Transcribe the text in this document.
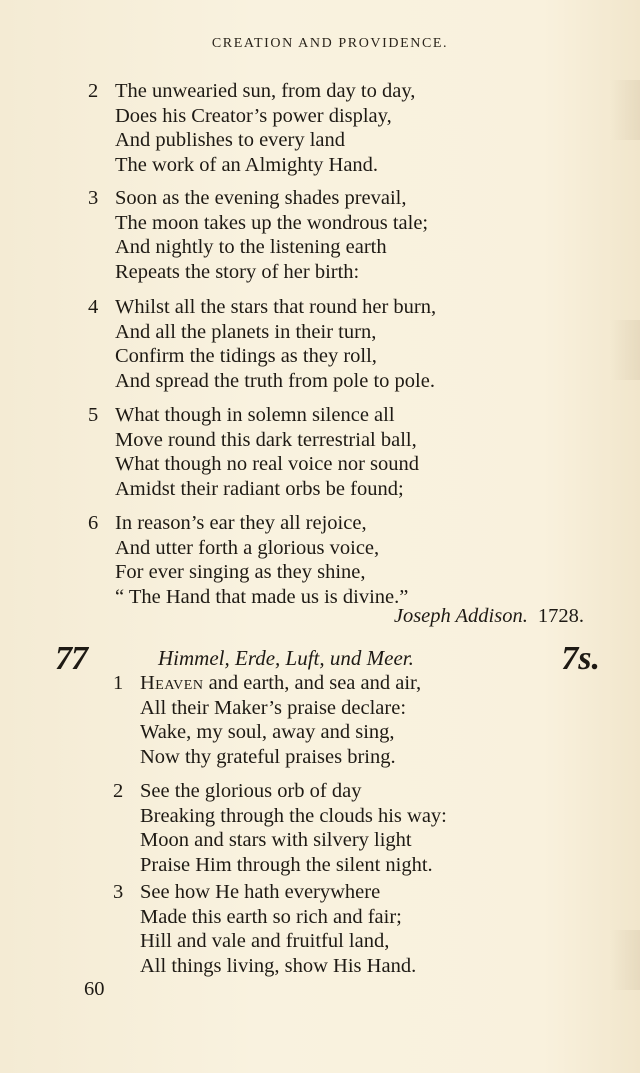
CREATION AND PROVIDENCE.
2 The unwearied sun, from day to day,
Does his Creator’s power display,
And publishes to every land
The work of an Almighty Hand.
3 Soon as the evening shades prevail,
The moon takes up the wondrous tale;
And nightly to the listening earth
Repeats the story of her birth:
4 Whilst all the stars that round her burn,
And all the planets in their turn,
Confirm the tidings as they roll,
And spread the truth from pole to pole.
5 What though in solemn silence all
Move round this dark terrestrial ball,
What though no real voice nor sound
Amidst their radiant orbs be found;
6 In reason’s ear they all rejoice,
And utter forth a glorious voice,
For ever singing as they shine,
“ The Hand that made us is divine.”
Joseph Addison. 1728.
77	Himmel, Erde, Luft, und Meer.	7s.
1 Heaven and earth, and sea and air,
All their Maker’s praise declare:
Wake, my soul, away and sing,
Now thy grateful praises bring.
2 See the glorious orb of day
Breaking through the clouds his way:
Moon and stars with silvery light
Praise Him through the silent night.
3 See how He hath everywhere
Made this earth so rich and fair;
Hill and vale and fruitful land,
All things living, show His Hand.
60
